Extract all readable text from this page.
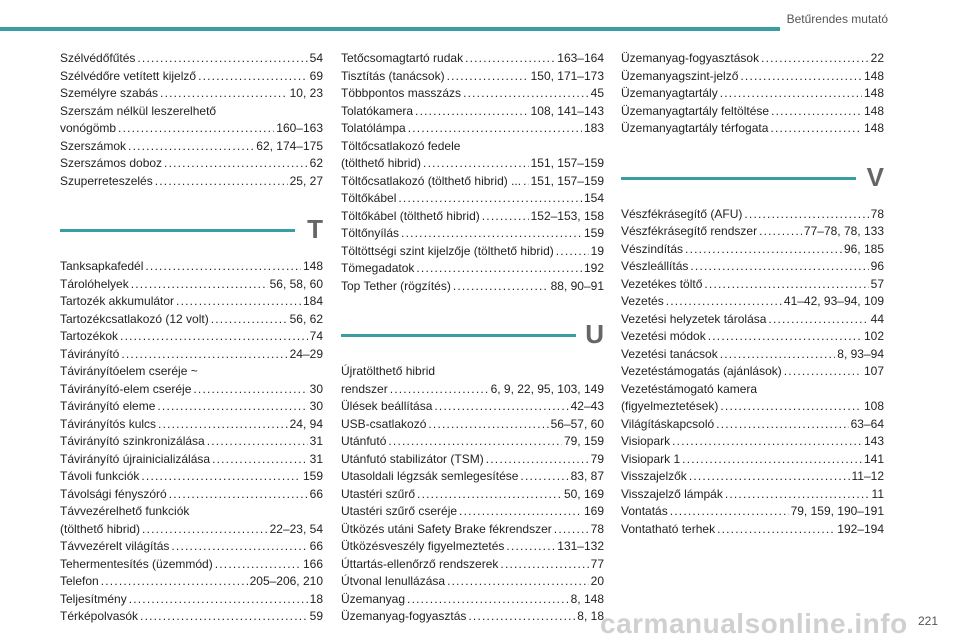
Betűrendes mutató
Szélvédőfűtés .....	54
Szélvédőre vetített kijelző .....	69
Személyre szabás .....	10, 23
Szerszám nélkül leszerelhető
vonógömb .....	160–163
Szerszámok .....	62, 174–175
Szerszámos doboz .....	62
Szuperreteszelés .....	25, 27
T
Tanksapkafedél .....	148
Tárolóhelyek .....	56, 58, 60
Tartozék akkumulátor .....	184
Tartozékcsatlakozó (12 volt) .....	56, 62
Tartozékok .....	74
Távirányító .....	24–29
Távirányítóelem cseréje ~
Távirányító-elem cseréje .....	30
Távirányító eleme .....	30
Távirányítós kulcs .....	24, 94
Távirányító szinkronizálása .....	31
Távirányító újrainicializálása .....	31
Távoli funkciók .....	159
Távolsági fényszóró .....	66
Távvezérelhető funkciók
(tölthető hibrid) .....	22–23, 54
Távvezérelt világítás .....	66
Tehermentesítés (üzemmód) .....	166
Telefon .....	205–206, 210
Teljesítmény .....	18
Térképolvasók .....	59
Tetőcsomagtartó rudak .....	163–164
Tisztítás (tanácsok) .....	150, 171–173
Többpontos masszázs .....	45
Tolatókamera .....	108, 141–143
Tolatólámpa .....	183
Töltőcsatlakozó fedele
(tölthető hibrid) .....	151, 157–159
Töltőcsatlakozó (tölthető hibrid) ... ..... 151, 157–159
Töltőkábel .....	154
Töltőkábel (tölthető hibrid) .....	152–153, 158
Töltőnyílás .....	159
Töltöttségi szint kijelzője (tölthető hibrid) .....	19
Tömegadatok .....	192
Top Tether (rögzítés) .....	88, 90–91
U
Újratölthető hibrid
rendszer .....	6, 9, 22, 95, 103, 149
Ülések beállítása .....	42–43
USB-csatlakozó .....	56–57, 60
Utánfutó .....	79, 159
Utánfutó stabilizátor (TSM) .....	79
Utasoldali légzsák semlegesítése .....	83, 87
Utastéri szűrő .....	50, 169
Utastéri szűrő cseréje .....	169
Ütközés utáni Safety Brake fékrendszer .....	78
Ütközésveszély figyelmeztetés .....	131–132
Úttartás-ellenőrző rendszerek .....	77
Útvonal lenullázása .....	20
Üzemanyag .....	8, 148
Üzemanyag-fogyasztás .....	8, 18
Üzemanyag-fogyasztások .....	22
Üzemanyagszint-jelző .....	148
Üzemanyagtartály .....	148
Üzemanyagtartály feltöltése .....	148
Üzemanyagtartály térfogata .....	148
V
Vészfékrásegítő (AFU) .....	78
Vészfékrásegítő rendszer .....	77–78, 78, 133
Vészindítás .....	96, 185
Vészleállítás .....	96
Vezetékes töltő .....	57
Vezetés .....	41–42, 93–94, 109
Vezetési helyzetek tárolása .....	44
Vezetési módok .....	102
Vezetési tanácsok .....	8, 93–94
Vezetéstámogatás (ajánlások) .....	107
Vezetéstámogató kamera
(figyelmeztetések) .....	108
Világításkapcsoló .....	63–64
Visiopark .....	143
Visiopark 1 .....	141
Visszajelzők .....	11–12
Visszajelző lámpák .....	11
Vontatás .....	79, 159, 190–191
Vontatható terhek .....	192–194
carmanualsonline.info 221
